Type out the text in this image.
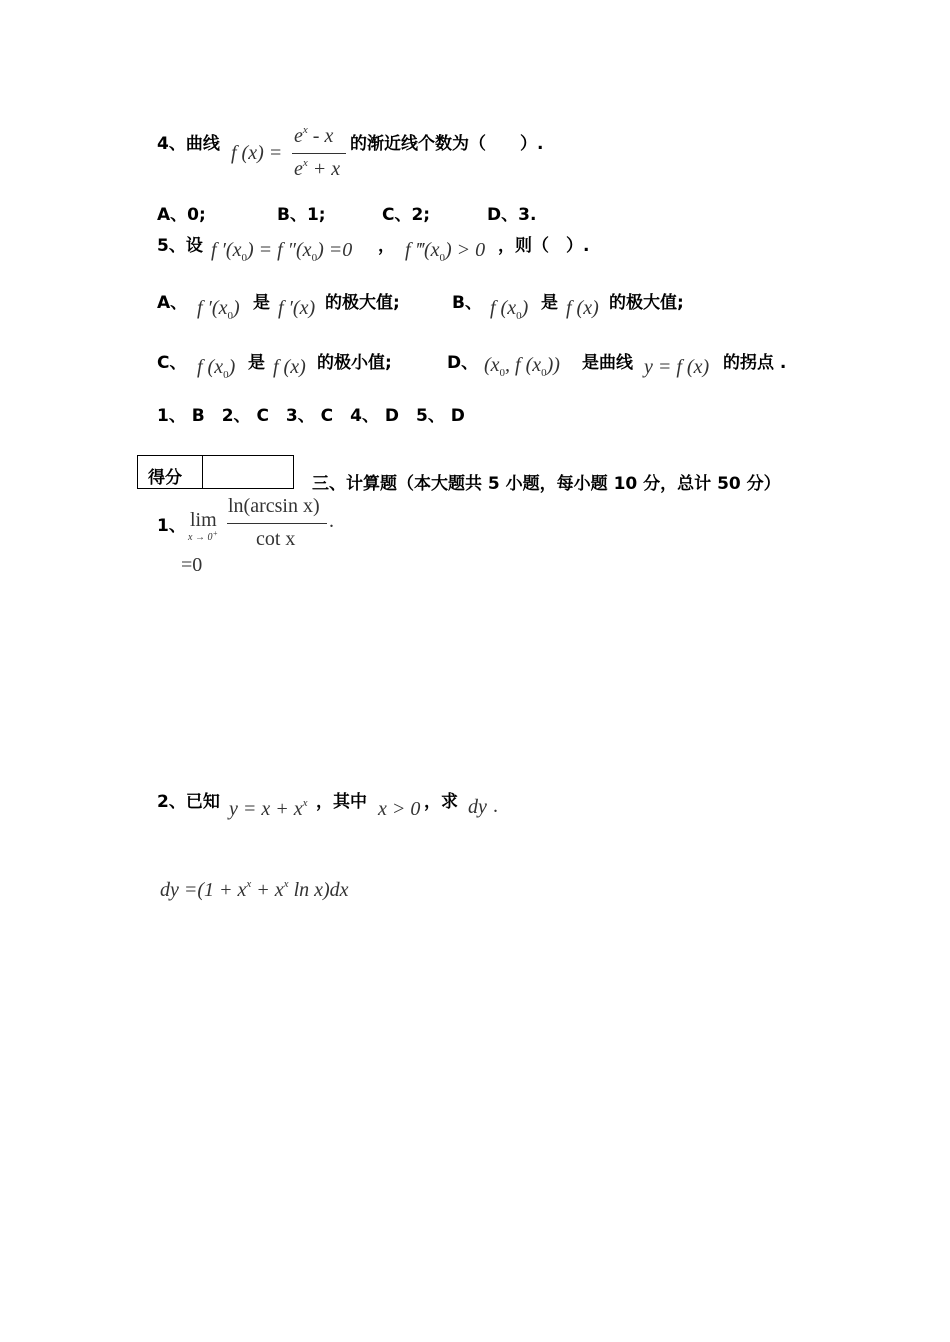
4、曲线 f (x) =
$e^x$ - x
$e^x + x$
的渐近线个数为（　　）.
A、0;	B、1;	C、2;	D、3.
5、设 f $'(x_0) = f$ $''(x_0) =0$ ， f $‴(x_0) > 0$ ，则（　）.
A、 f $'(x_0)$ 是 f ′(x) 的极大值;	B、 f $(x_0)$ 是 f (x) 的极大值;
C、 f $(x_0)$ 是 f (x) 的极小值;	D、 ($x_0$, f $(x_0)$) 是曲线 y = f (x) 的拐点 .
1、 B　2、 C　3、 C　4、 D　5、 D
得分	三、计算题（本大题共 5 小题，每小题 10 分，总计 50 分）
1、 lim
x → 0+
ln(arcsin x)
cot x
.
=0
2、已知 $y = x + x^x$ ，其中 x > 0 ，求 dy .
dy $=(1 + x^x + x^x$ ln x)dx
